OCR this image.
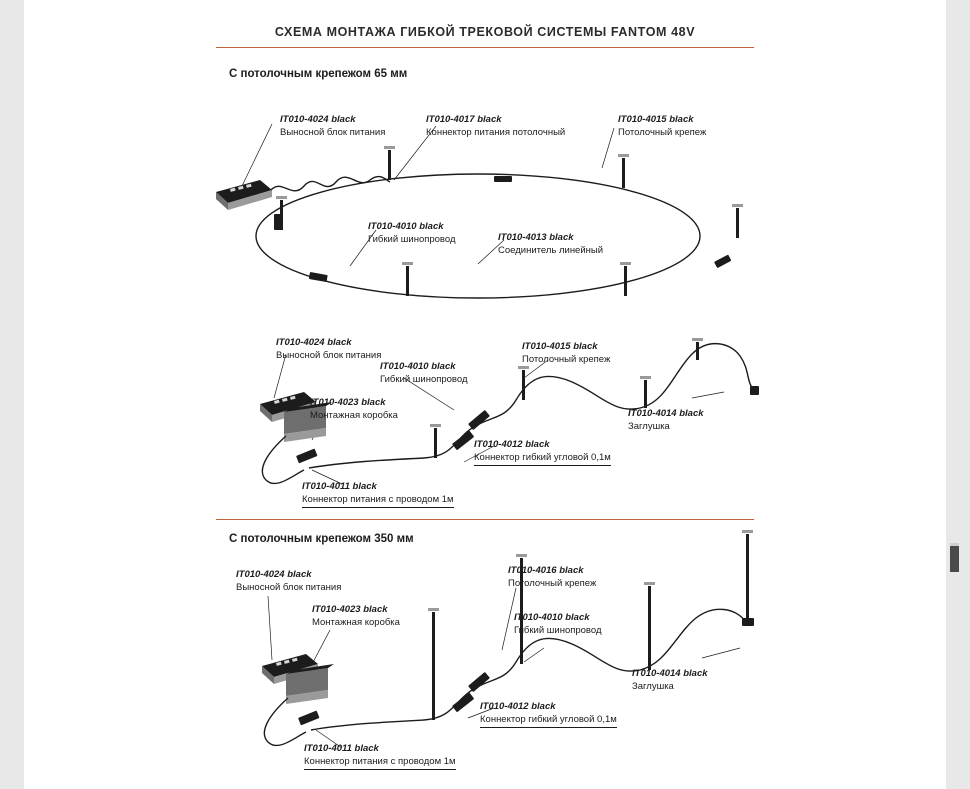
СХЕМА МОНТАЖА ГИБКОЙ ТРЕКОВОЙ СИСТЕМЫ FANTOM 48V
С потолочным крепежом 65 мм
С потолочным крепежом 350 мм
IT010-4024 black
Выносной блок питания
IT010-4017 black
Коннектор питания потолочный
IT010-4015 black
Потолочный крепеж
IT010-4010 black
Гибкий шинопровод	IT010-4013 black
Соединитель линейный
IT010-4024 black
Выносной блок питания
IT010-4010 black
Гибкий шинопровод
IT010-4015 black
Потолочный крепеж
IT010-4014 black
Заглушка
IT010-4023 black
Монтажная коробка
IT010-4012 black
Коннектор гибкий угловой 0,1м
IT010-4011 black
Коннектор питания с проводом 1м
IT010-4024 black
Выносной блок питания
IT010-4023 black
Монтажная коробка
IT010-4016 black
Потолочный крепеж
IT010-4010 black
Гибкий шинопровод
IT010-4014 black
Заглушка
IT010-4012 black
Коннектор гибкий угловой 0,1м
IT010-4011 black
Коннектор питания с проводом 1м
